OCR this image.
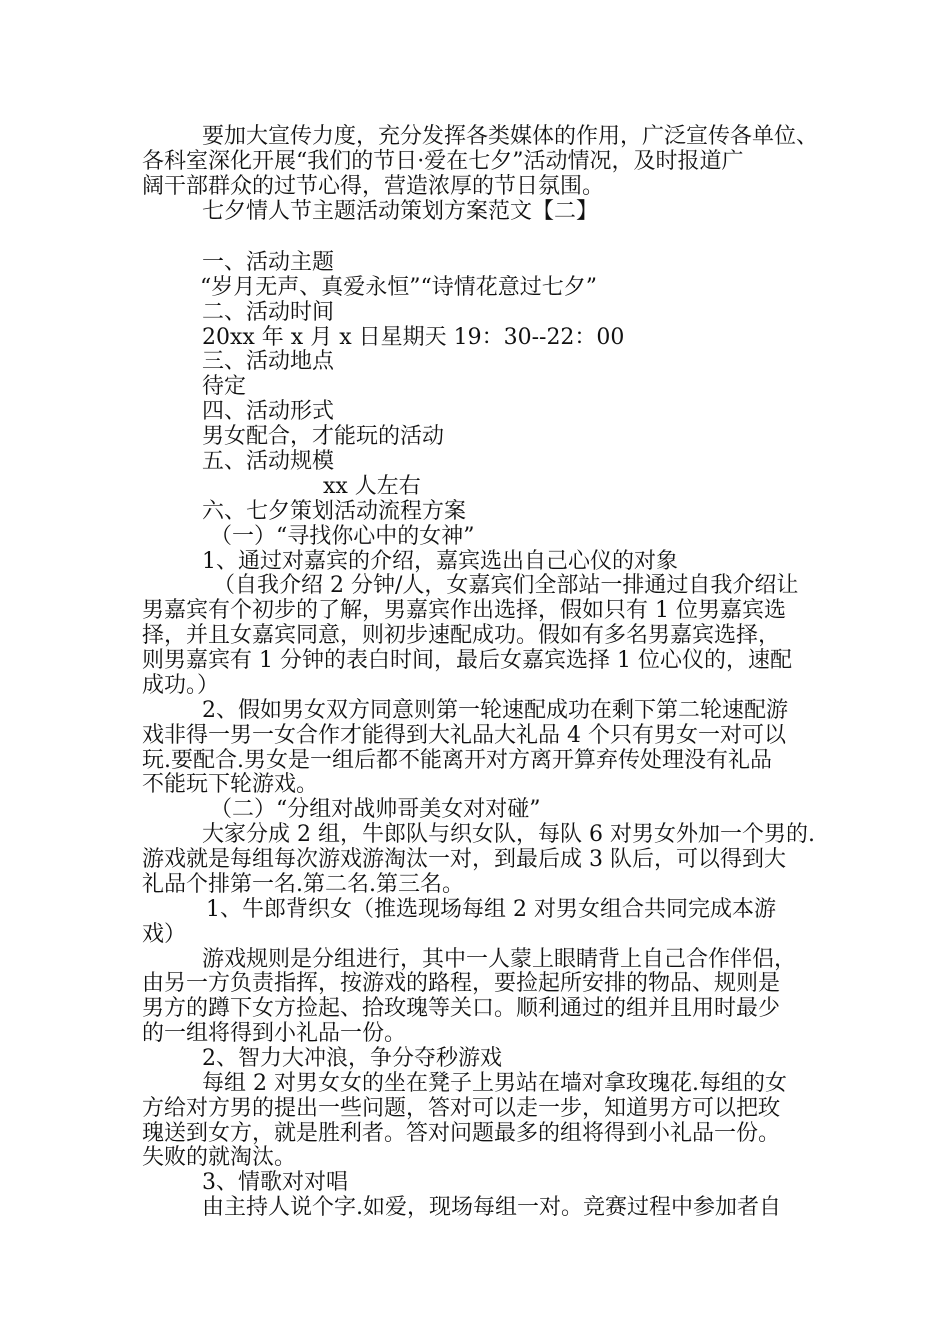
要加大宣传力度，充分发挥各类媒体的作用，广泛宣传各单位、
各科室深化开展“我们的节日·爱在七夕”活动情况，及时报道广
阔干部群众的过节心得，营造浓厚的节日氛围。
七夕情人节主题活动策划方案范文【二】
一、活动主题
“岁月无声、真爱永恒”“诗情花意过七夕”
二、活动时间
20xx 年 x 月 x 日星期天 19：30--22：00
三、活动地点
待定
四、活动形式
男女配合，才能玩的活动
五、活动规模
xx 人左右
六、七夕策划活动流程方案
（一）“寻找你心中的女神”
1、通过对嘉宾的介绍，嘉宾选出自己心仪的对象
（自我介绍 2 分钟/人，女嘉宾们全部站一排通过自我介绍让
男嘉宾有个初步的了解，男嘉宾作出选择，假如只有 1 位男嘉宾选
择，并且女嘉宾同意，则初步速配成功。假如有多名男嘉宾选择，
则男嘉宾有 1 分钟的表白时间，最后女嘉宾选择 1 位心仪的，速配
成功。）
2、假如男女双方同意则第一轮速配成功在剩下第二轮速配游
戏非得一男一女合作才能得到大礼品大礼品 4 个只有男女一对可以
玩.要配合.男女是一组后都不能离开对方离开算弃传处理没有礼品
不能玩下轮游戏。
（二）“分组对战帅哥美女对对碰”
大家分成 2 组，牛郎队与织女队，每队 6 对男女外加一个男的.
游戏就是每组每次游戏游淘汰一对，到最后成 3 队后，可以得到大
礼品个排第一名.第二名.第三名。
1、牛郎背织女（推选现场每组 2 对男女组合共同完成本游
戏）
游戏规则是分组进行，其中一人蒙上眼睛背上自己合作伴侣，
由另一方负责指挥，按游戏的路程，要捡起所安排的物品、规则是
男方的蹲下女方捡起、拾玫瑰等关口。顺利通过的组并且用时最少
的一组将得到小礼品一份。
2、智力大冲浪，争分夺秒游戏
每组 2 对男女女的坐在凳子上男站在墙对拿玫瑰花.每组的女
方给对方男的提出一些问题，答对可以走一步，知道男方可以把玫
瑰送到女方，就是胜利者。答对问题最多的组将得到小礼品一份。
失败的就淘汰。
3、情歌对对唱
由主持人说个字.如爱，现场每组一对。竞赛过程中参加者自
